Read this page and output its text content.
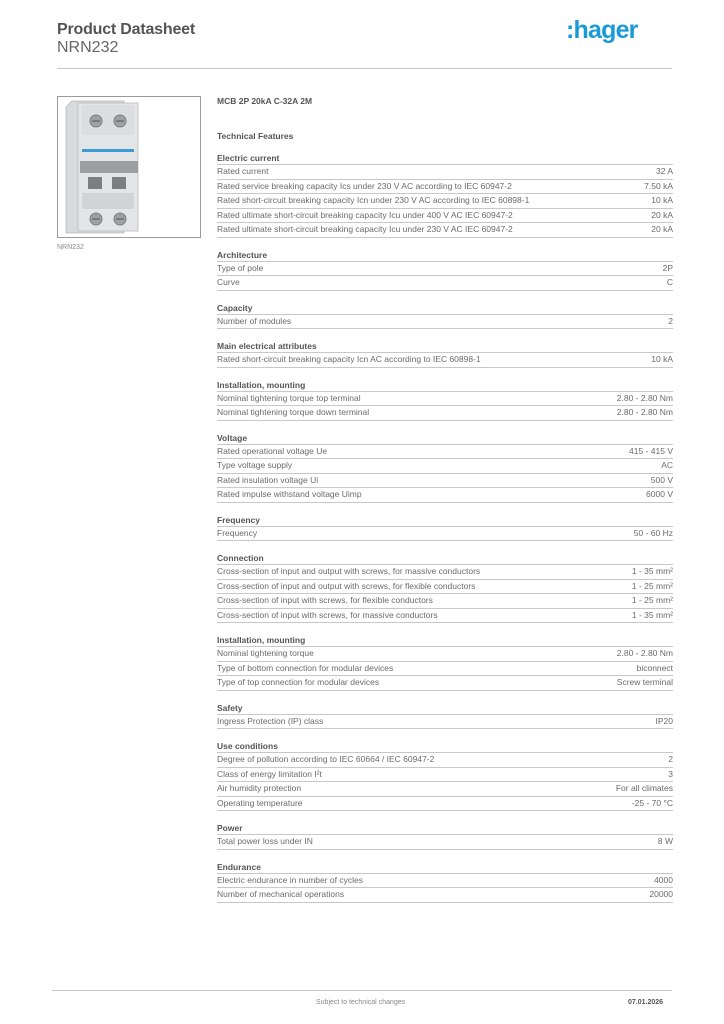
Product Datasheet
NRN232
:hager
NRN232
MCB 2P 20kA C-32A 2M
Technical Features
Electric current
Rated current	32 A
Rated service breaking capacity Ics under 230 V AC according to IEC 60947-2	7.50 kA
Rated short-circuit breaking capacity Icn under 230 V AC according to IEC 60898-1	10 kA
Rated ultimate short-circuit breaking capacity Icu under 400 V AC IEC 60947-2	20 kA
Rated ultimate short-circuit breaking capacity Icu under 230 V AC IEC 60947-2	20 kA
Architecture
Type of pole	2P
Curve	C
Capacity
Number of modules	2
Main electrical attributes
Rated short-circuit breaking capacity Icn AC according to IEC 60898-1	10 kA
Installation, mounting
Nominal tightening torque top terminal	2.80 - 2.80 Nm
Nominal tightening torque down terminal	2.80 - 2.80 Nm
Voltage
Rated operational voltage Ue	415 - 415 V
Type voltage supply	AC
Rated insulation voltage Ui	500 V
Rated impulse withstand voltage Uimp	6000 V
Frequency
Frequency	50 - 60 Hz
Connection
Cross-section of input and output with screws, for massive conductors	1 - 35 mm²
Cross-section of input and output with screws, for flexible conductors	1 - 25 mm²
Cross-section of input with screws, for flexible conductors	1 - 25 mm²
Cross-section of input with screws, for massive conductors	1 - 35 mm²
Installation, mounting
Nominal tightening torque	2.80 - 2.80 Nm
Type of bottom connection for modular devices	biconnect
Type of top connection for modular devices	Screw terminal
Safety
Ingress Protection (IP) class	IP20
Use conditions
Degree of pollution according to IEC 60664 / IEC 60947-2	2
Class of energy limitation I²t	3
Air humidity protection	For all climates
Operating temperature	-25 - 70 °C
Power
Total power loss under IN	8 W
Endurance
Electric endurance in number of cycles	4000
Number of mechanical operations	20000
Subject to technical changes	07.01.2026
